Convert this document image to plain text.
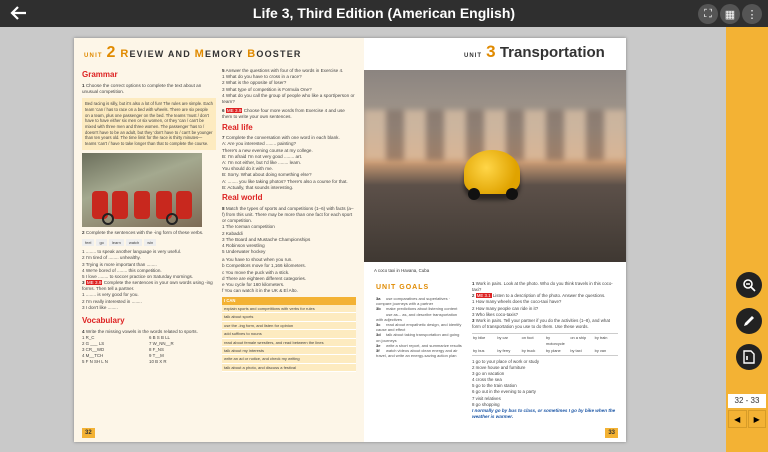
Life 3, Third Edition (American English)	⛶	▦	⋮
UNIT 2 REVIEW AND MEMORY BOOSTER
Grammar
1 Choose the correct options to complete the text about an unusual competition.
Bed racing is silly, but it's also a lot of fun! The rules are simple. Each team 'can / has to race on a bed with wheels. There are six people on a team, plus one passenger on the bed. The teams 'must / don't have to have either six men or six women, or they 'can / can't be mixed with three men and three women. The passenger 'has to / doesn't have to be an adult, but they 'don't have to / can't be younger than ten years old. The time limit for the race is thirty minutes—teams 'can't / have to take longer than that to complete the course.
2 Complete the sentences with the -ing form of these verbs.
feel	go	learn	watch	win
1 ........ to speak another language is very useful.
2 I'm tired of ........ unhealthy.
3 Trying is more important than ........
4 We're bored of ........ this competition.
5 I love ........ to soccer practice on Saturday mornings.
3 ME 3.9 Complete the sentences in your own words using -ing forms. Then tell a partner.
1 ........ is very good for you.
2 I'm really interested in ........
3 I don't like ........
Vocabulary
4 Write the missing vowels in the words related to sports.
1 R_C	6 B S B LL
2 G ___ LS	7 W_NN__R
3 CR__WD	8 F_NS
4 M__TCH	9 T__M
5 F N SH L N	10 B X R
5 Answer the questions with four of the words in Exercise 4.
1 What do you have to cross in a race?
2 What is the opposite of loser?
3 What type of competition is Formula One?
4 What do you call the group of people who like a sport/person or team?
6 ME 3.9 Choose four more words from Exercise 4 and use them to write your own sentences.
Real life
7 Complete the conversation with one word in each blank.
A: Are you interested ........ painting?
There's a new evening course at my college.
B: I'm afraid I'm not very good ........ art.
A: I'm not either, but I'd like ........ learn.
You should do it with me.
B: Sorry. What about doing something else?
A: ........ you like taking photos? There's also a course for that.
B: Actually, that sounds interesting.
Real world
8 Match the types of sports and competitions (1–6) with facts (a–f) from this unit. There may be more than one fact for each sport or competition.
1 The Iceman competition
2 Kabaddi
3 The Board and Mustache Championships
4 Robinson wrestling
5 Underwater hockey
a You have to shout when you run.
b Competitors move for 1,166 kilometers.
c You move the puck with a stick.
d There are eighteen different categories.
e You cycle for 160 kilometers.
f You can watch it in the UK & El Alto.
I CAN
explain sports and competitions with verbs for rules
talk about sports
use the -ing form, and listen for opinion
add suffixes to nouns
read about female wrestlers, and read between the lines
talk about my interests
write an ad or notice, and check my writing
talk about a photo, and discuss a festival
32
UNIT 3 Transportation
A coco taxi in Havana, Cuba
UNIT GOALS
3a use comparatives and superlatives · compare journeys with a partner
3b make predictions about listening content
use as... as, and describe transportation with adjectives
3c read about empathetic design, and identify cause and effect
3d talk about taking transportation and going on journeys
3e write a short report, and summarize results
3f watch videos about clean energy and air travel, and write an energy-saving action plan
1 Work in pairs. Look at the photo. Who do you think travels in this coco-taxi?
2 ME 3.1 Listen to a description of the photo. Answer the questions.
1 How many wheels does the coco-taxi have?
2 How many people can ride in it?
3 Who likes coco-taxis?
3 Work in pairs. Tell your partner if you do the activities (1–8), and what form of transportation you use to do them. Use these words.
by bike	by car	on foot	by motorcycle
on a ship	by train
by bus	by ferry	by truck	by plane	by taxi	by van
1 go to your place of work or study
2 move house and furniture
3 go on vacation
4 cross the sea
5 go to the train station
6 go out in the evening to a party
7 visit relatives
8 go shopping
I normally go by bus to class, or sometimes I go by bike when the weather is warmer.
33
32 - 33
◀	▶
